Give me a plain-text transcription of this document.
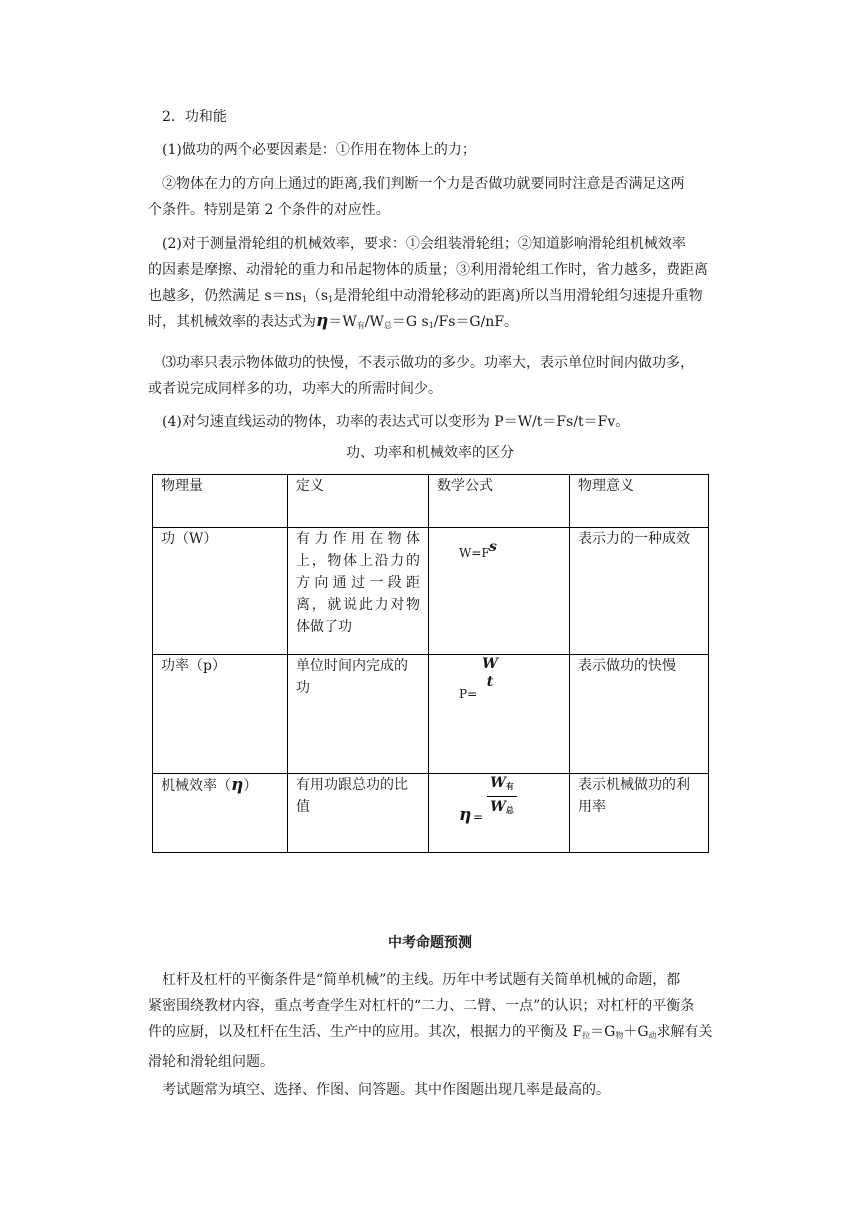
2．功和能

(1)做功的两个必要因素是：①作用在物体上的力；

②物体在力的方向上通过的距离,我们判断一个力是否做功就要同时注意是否满足这两
个条件。特别是第 2 个条件的对应性。
(2)对于测量滑轮组的机械效率，要求：①会组装滑轮组；②知道影响滑轮组机械效率
的因素是摩擦、动滑轮的重力和吊起物体的质量；③利用滑轮组工作时，省力越多，费距离
也越多，仍然满足 $s=ns_1(s_1$是滑轮组中动滑轮移动的距离)所以当用滑轮组匀速提升重物
时，其机械效率的表达式为$\eta=W_有/W_总=G$ $s_1/Fs=G/nF$。
⑶功率只表示物体做功的快慢，不表示做功的多少。功率大，表示单位时间内做功多，
或者说完成同样多的功，功率大的所需时间少。

(4)对匀速直线运动的物体，功率的表达式可以变形为 P＝W/t＝Fs/t＝Fv。

功、功率和机械效率的区分
物理量	定义	数学公式	物理意义
功（W）	有力作用在物体上，物体上沿力的方向通过一段距离，就说此力对物体做了功	W=F s	表示力的一种成效
功率（p）	单位时间内完成的功	P=
W
t	表示做功的快慢
机械效率（η）	有用功跟总功的比值	η =
$W_有$
$W_总$	表示机械做功的利用率
中考命题预测
杠杆及杠杆的平衡条件是“简单机械”的主线。历年中考试题有关简单机械的命题，都
紧密围绕教材内容，重点考查学生对杠杆的“二力、二臂、一点”的认识；对杠杆的平衡条
件的应厨，以及杠杆在生活、生产中的应用。其次，根据力的平衡及 $F_拉=G_物+G_动$求解有关
滑轮和滑轮组问题。

考试题常为填空、选择、作图、问答题。其中作图题出现几率是最高的。
